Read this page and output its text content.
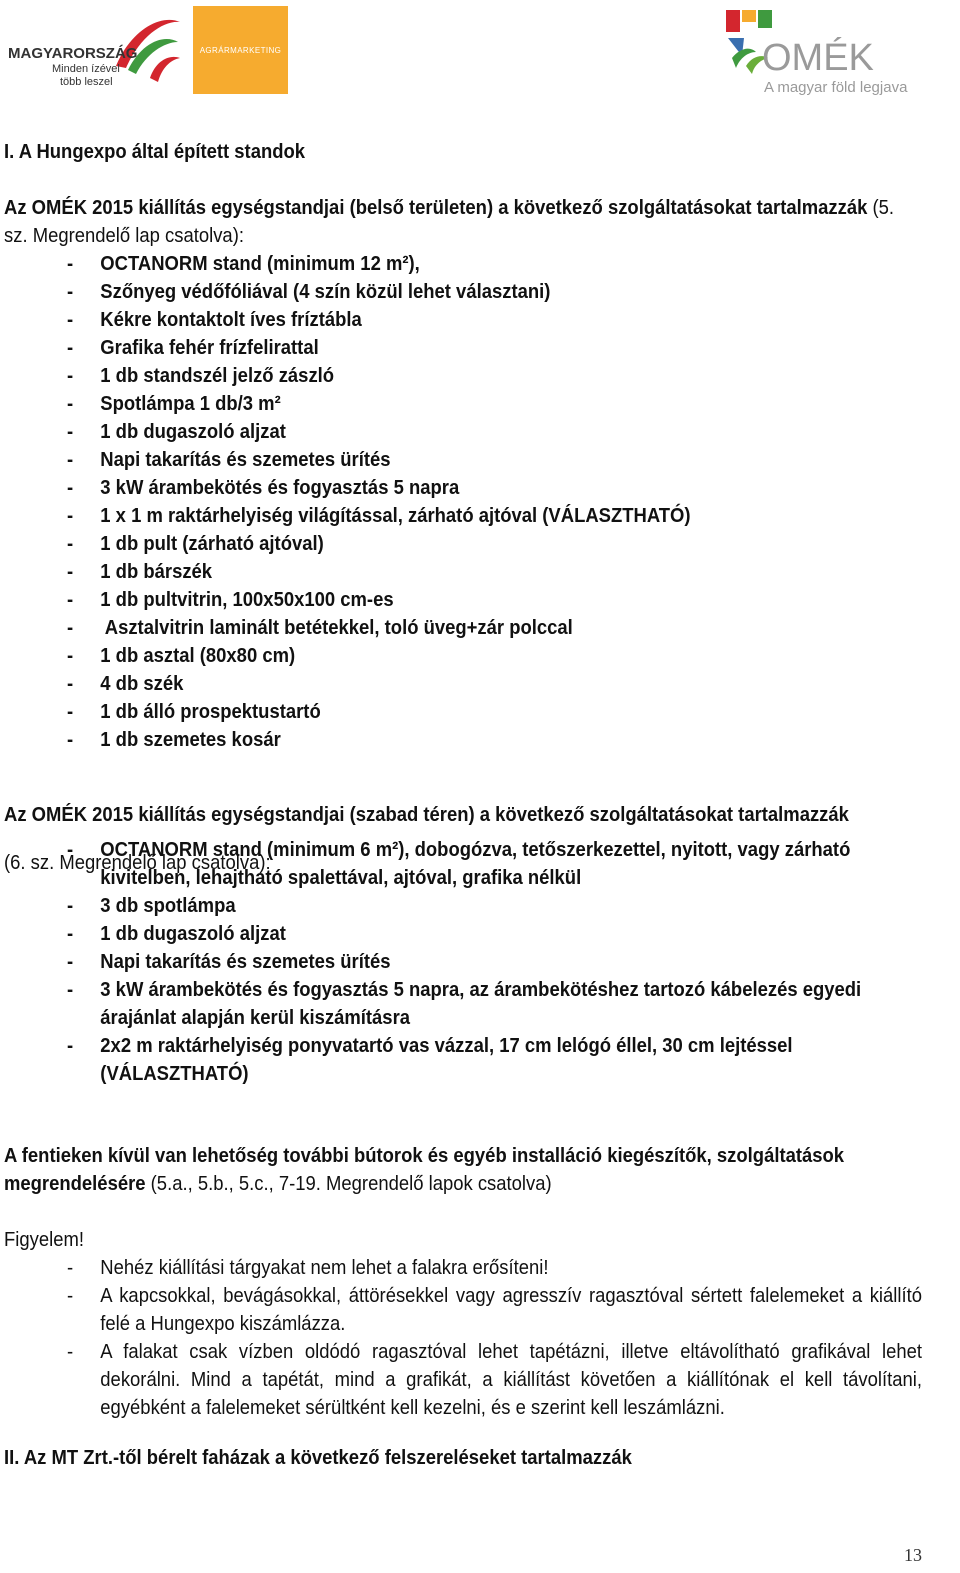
MAGYARORSZÁG
Minden ízével
több leszel
AGRÁRMARKETING	OMÉK
A magyar föld legjava
I. A Hungexpo által épített standok
Az OMÉK 2015 kiállítás egységstandjai (belső területen) a következő szolgáltatásokat tartalmazzák (5. sz. Megrendelő lap csatolva):
- OCTANORM stand (minimum 12 m²),
- Szőnyeg védőfóliával (4 szín közül lehet választani)
- Kékre kontaktolt íves fríztábla
- Grafika fehér frízfelirattal
- 1 db standszél jelző zászló
- Spotlámpa 1 db/3 m²
- 1 db dugaszoló aljzat
- Napi takarítás és szemetes ürítés
- 3 kW árambekötés és fogyasztás 5 napra
- 1 x 1 m raktárhelyiség világítással, zárható ajtóval (VÁLASZTHATÓ)
- 1 db pult (zárható ajtóval)
- 1 db bárszék
- 1 db pultvitrin, 100x50x100 cm-es
-  Asztalvitrin laminált betétekkel, toló üveg+zár polccal
- 1 db asztal (80x80 cm)
- 4 db szék
- 1 db álló prospektustartó
- 1 db szemetes kosár

Az OMÉK 2015 kiállítás egységstandjai (szabad téren) a következő szolgáltatásokat tartalmazzák

(6. sz. Megrendelő lap csatolva):

- OCTANORM stand (minimum 6 m²), dobogózva, tetőszerkezettel, nyitott, vagy zárható kivitelben, lehajtható spalettával, ajtóval, grafika nélkül
- 3 db spotlámpa
- 1 db dugaszoló aljzat
- Napi takarítás és szemetes ürítés
- 3 kW árambekötés és fogyasztás 5 napra, az árambekötéshez tartozó kábelezés egyedi árajánlat alapján kerül kiszámításra
- 2x2 m raktárhelyiség ponyvatartó vas vázzal, 17 cm lelógó éllel, 30 cm lejtéssel (VÁLASZTHATÓ)
A fentieken kívül van lehetőség további bútorok és egyéb installáció kiegészítők, szolgáltatások megrendelésére (5.a., 5.b., 5.c., 7-19. Megrendelő lapok csatolva)
Figyelem!
- Nehéz kiállítási tárgyakat nem lehet a falakra erősíteni!
- A kapcsokkal, bevágásokkal, áttörésekkel vagy agresszív ragasztóval sértett falelemeket a kiállító felé a Hungexpo kiszámlázza.
- A falakat csak vízben oldódó ragasztóval lehet tapétázni, illetve eltávolítható grafikával lehet dekorálni. Mind a tapétát, mind a grafikát, a kiállítást követően a kiállítónak el kell távolítani, egyébként a falelemeket sérültként kell kezelni, és e szerint kell leszámlázni.
II. Az MT Zrt.-től bérelt faházak a következő felszereléseket tartalmazzák
13
